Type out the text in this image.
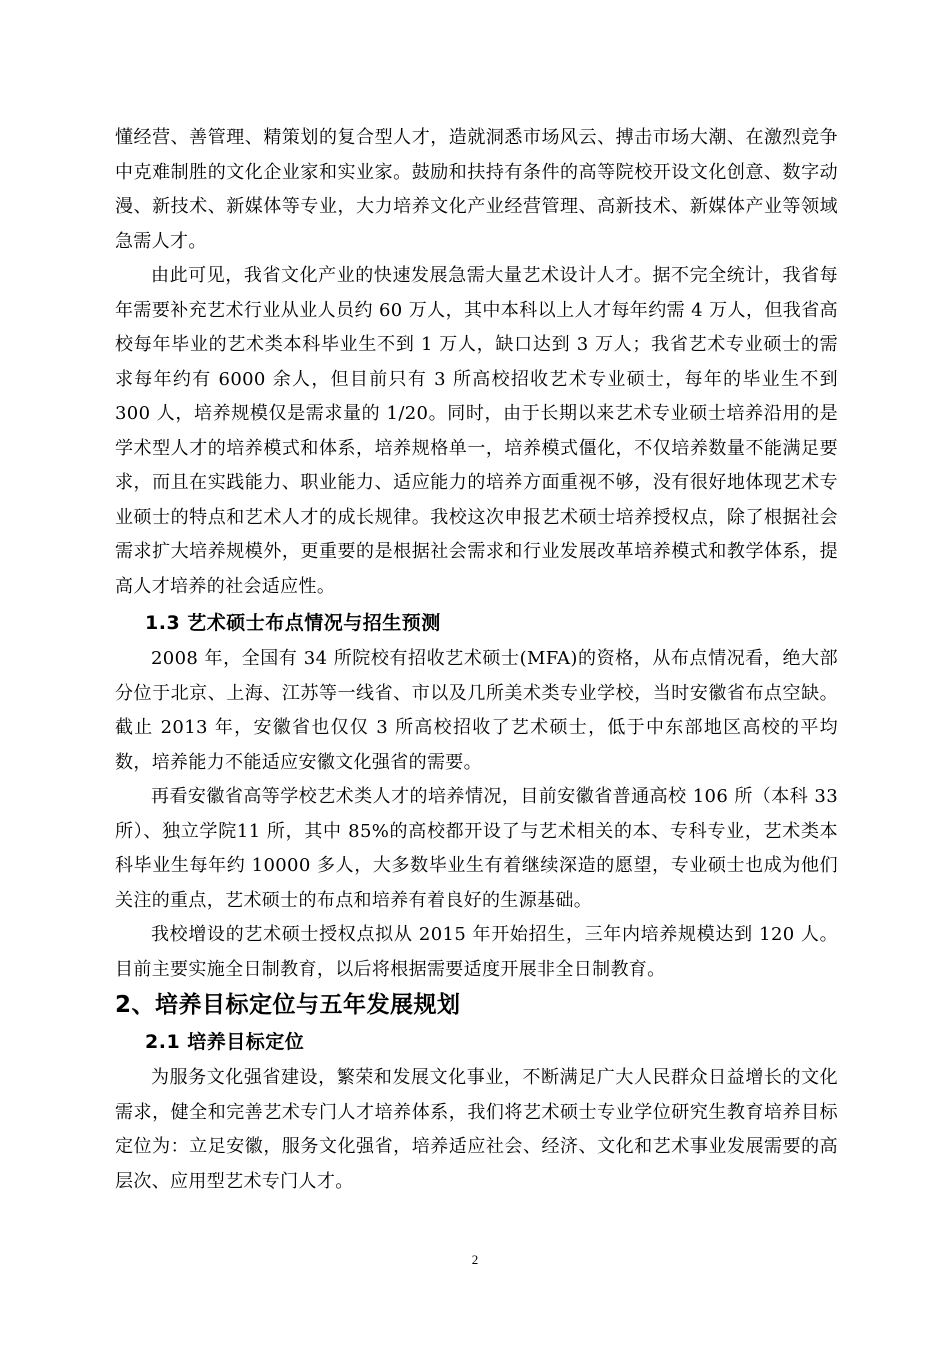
懂经营、善管理、精策划的复合型人才，造就洞悉市场风云、搏击市场大潮、在激烈竞争中克难制胜的文化企业家和实业家。鼓励和扶持有条件的高等院校开设文化创意、数字动漫、新技术、新媒体等专业，大力培养文化产业经营管理、高新技术、新媒体产业等领域急需人才。

由此可见，我省文化产业的快速发展急需大量艺术设计人才。据不完全统计，我省每年需要补充艺术行业从业人员约 60 万人，其中本科以上人才每年约需 4 万人，但我省高校每年毕业的艺术类本科毕业生不到 1 万人，缺口达到 3 万人；我省艺术专业硕士的需求每年约有 6000 余人，但目前只有 3 所高校招收艺术专业硕士，每年的毕业生不到 300 人，培养规模仅是需求量的 1/20。同时，由于长期以来艺术专业硕士培养沿用的是学术型人才的培养模式和体系，培养规格单一，培养模式僵化，不仅培养数量不能满足要求，而且在实践能力、职业能力、适应能力的培养方面重视不够，没有很好地体现艺术专业硕士的特点和艺术人才的成长规律。我校这次申报艺术硕士培养授权点，除了根据社会需求扩大培养规模外，更重要的是根据社会需求和行业发展改革培养模式和教学体系，提高人才培养的社会适应性。

1.3 艺术硕士布点情况与招生预测

2008 年，全国有 34 所院校有招收艺术硕士(MFA)的资格，从布点情况看，绝大部分位于北京、上海、江苏等一线省、市以及几所美术类专业学校，当时安徽省布点空缺。截止 2013 年，安徽省也仅仅 3 所高校招收了艺术硕士，低于中东部地区高校的平均数，培养能力不能适应安徽文化强省的需要。

再看安徽省高等学校艺术类人才的培养情况，目前安徽省普通高校 106 所（本科 33 所）、独立学院11 所，其中 85%的高校都开设了与艺术相关的本、专科专业，艺术类本科毕业生每年约 10000 多人，大多数毕业生有着继续深造的愿望，专业硕士也成为他们关注的重点，艺术硕士的布点和培养有着良好的生源基础。

我校增设的艺术硕士授权点拟从 2015 年开始招生，三年内培养规模达到 120 人。目前主要实施全日制教育，以后将根据需要适度开展非全日制教育。

2、培养目标定位与五年发展规划
2.1 培养目标定位

为服务文化强省建设，繁荣和发展文化事业，不断满足广大人民群众日益增长的文化需求，健全和完善艺术专门人才培养体系，我们将艺术硕士专业学位研究生教育培养目标定位为：立足安徽，服务文化强省，培养适应社会、经济、文化和艺术事业发展需要的高层次、应用型艺术专门人才。

2
